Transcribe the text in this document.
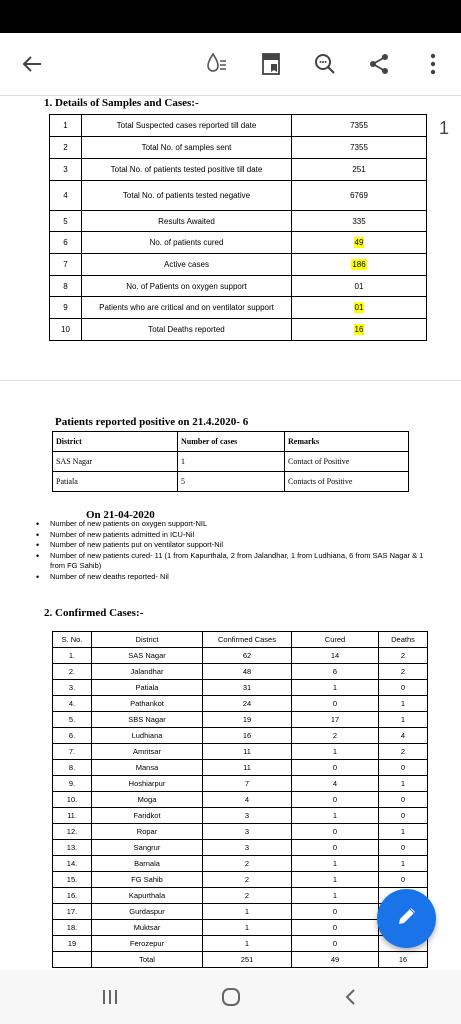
1
1. Details of Samples and Cases:-
1	Total Suspected cases reported till date	7355
2	Total No. of samples sent	7355
3	Total No. of patients tested positive till date	251
4	Total No. of patients tested negative	6769
5	Results Awaited	335
6	No. of patients cured	49
7	Active cases	186
8	No. of Patients on oxygen support	01
9	Patients who are critical and on ventilator support	01
10	Total Deaths reported	16
Patients reported positive on 21.4.2020- 6
District	Number of cases	Remarks
SAS Nagar	1	Contact of Positive
Patiala	5	Contacts of Positive
On 21-04-2020
• Number of new patients on oxygen support-NIL
• Number of new patients admitted in ICU-Nil
• Number of new patients put on ventilator support-Nil
• Number of new patients cured- 11 (1 from Kapurthala, 2 from Jalandhar, 1 from Ludhiana, 6 from SAS Nagar & 1 from FG Sahib)
• Number of new deaths reported- Nil
2. Confirmed Cases:-
S. No.	District	Confirmed Cases	Cured	Deaths
1.	SAS Nagar	62	14	2
2.	Jalandhar	48	6	2
3.	Patiala	31	1	0
4.	Pathankot	24	0	1
5.	SBS Nagar	19	17	1
6.	Ludhiana	16	2	4
7.	Amritsar	11	1	2
8.	Mansa	11	0	0
9.	Hoshiarpur	7	4	1
10.	Moga	4	0	0
11.	Faridkot	3	1	0
12.	Ropar	3	0	1
13.	Sangrur	3	0	0
14.	Barnala	2	1	1
15.	FG Sahib	2	1	0
16.	Kapurthala	2	1	
17.	Gurdaspur	1	0	
18.	Muktsar	1	0	
19	Ferozepur	1	0	
	Total	251	49	16
